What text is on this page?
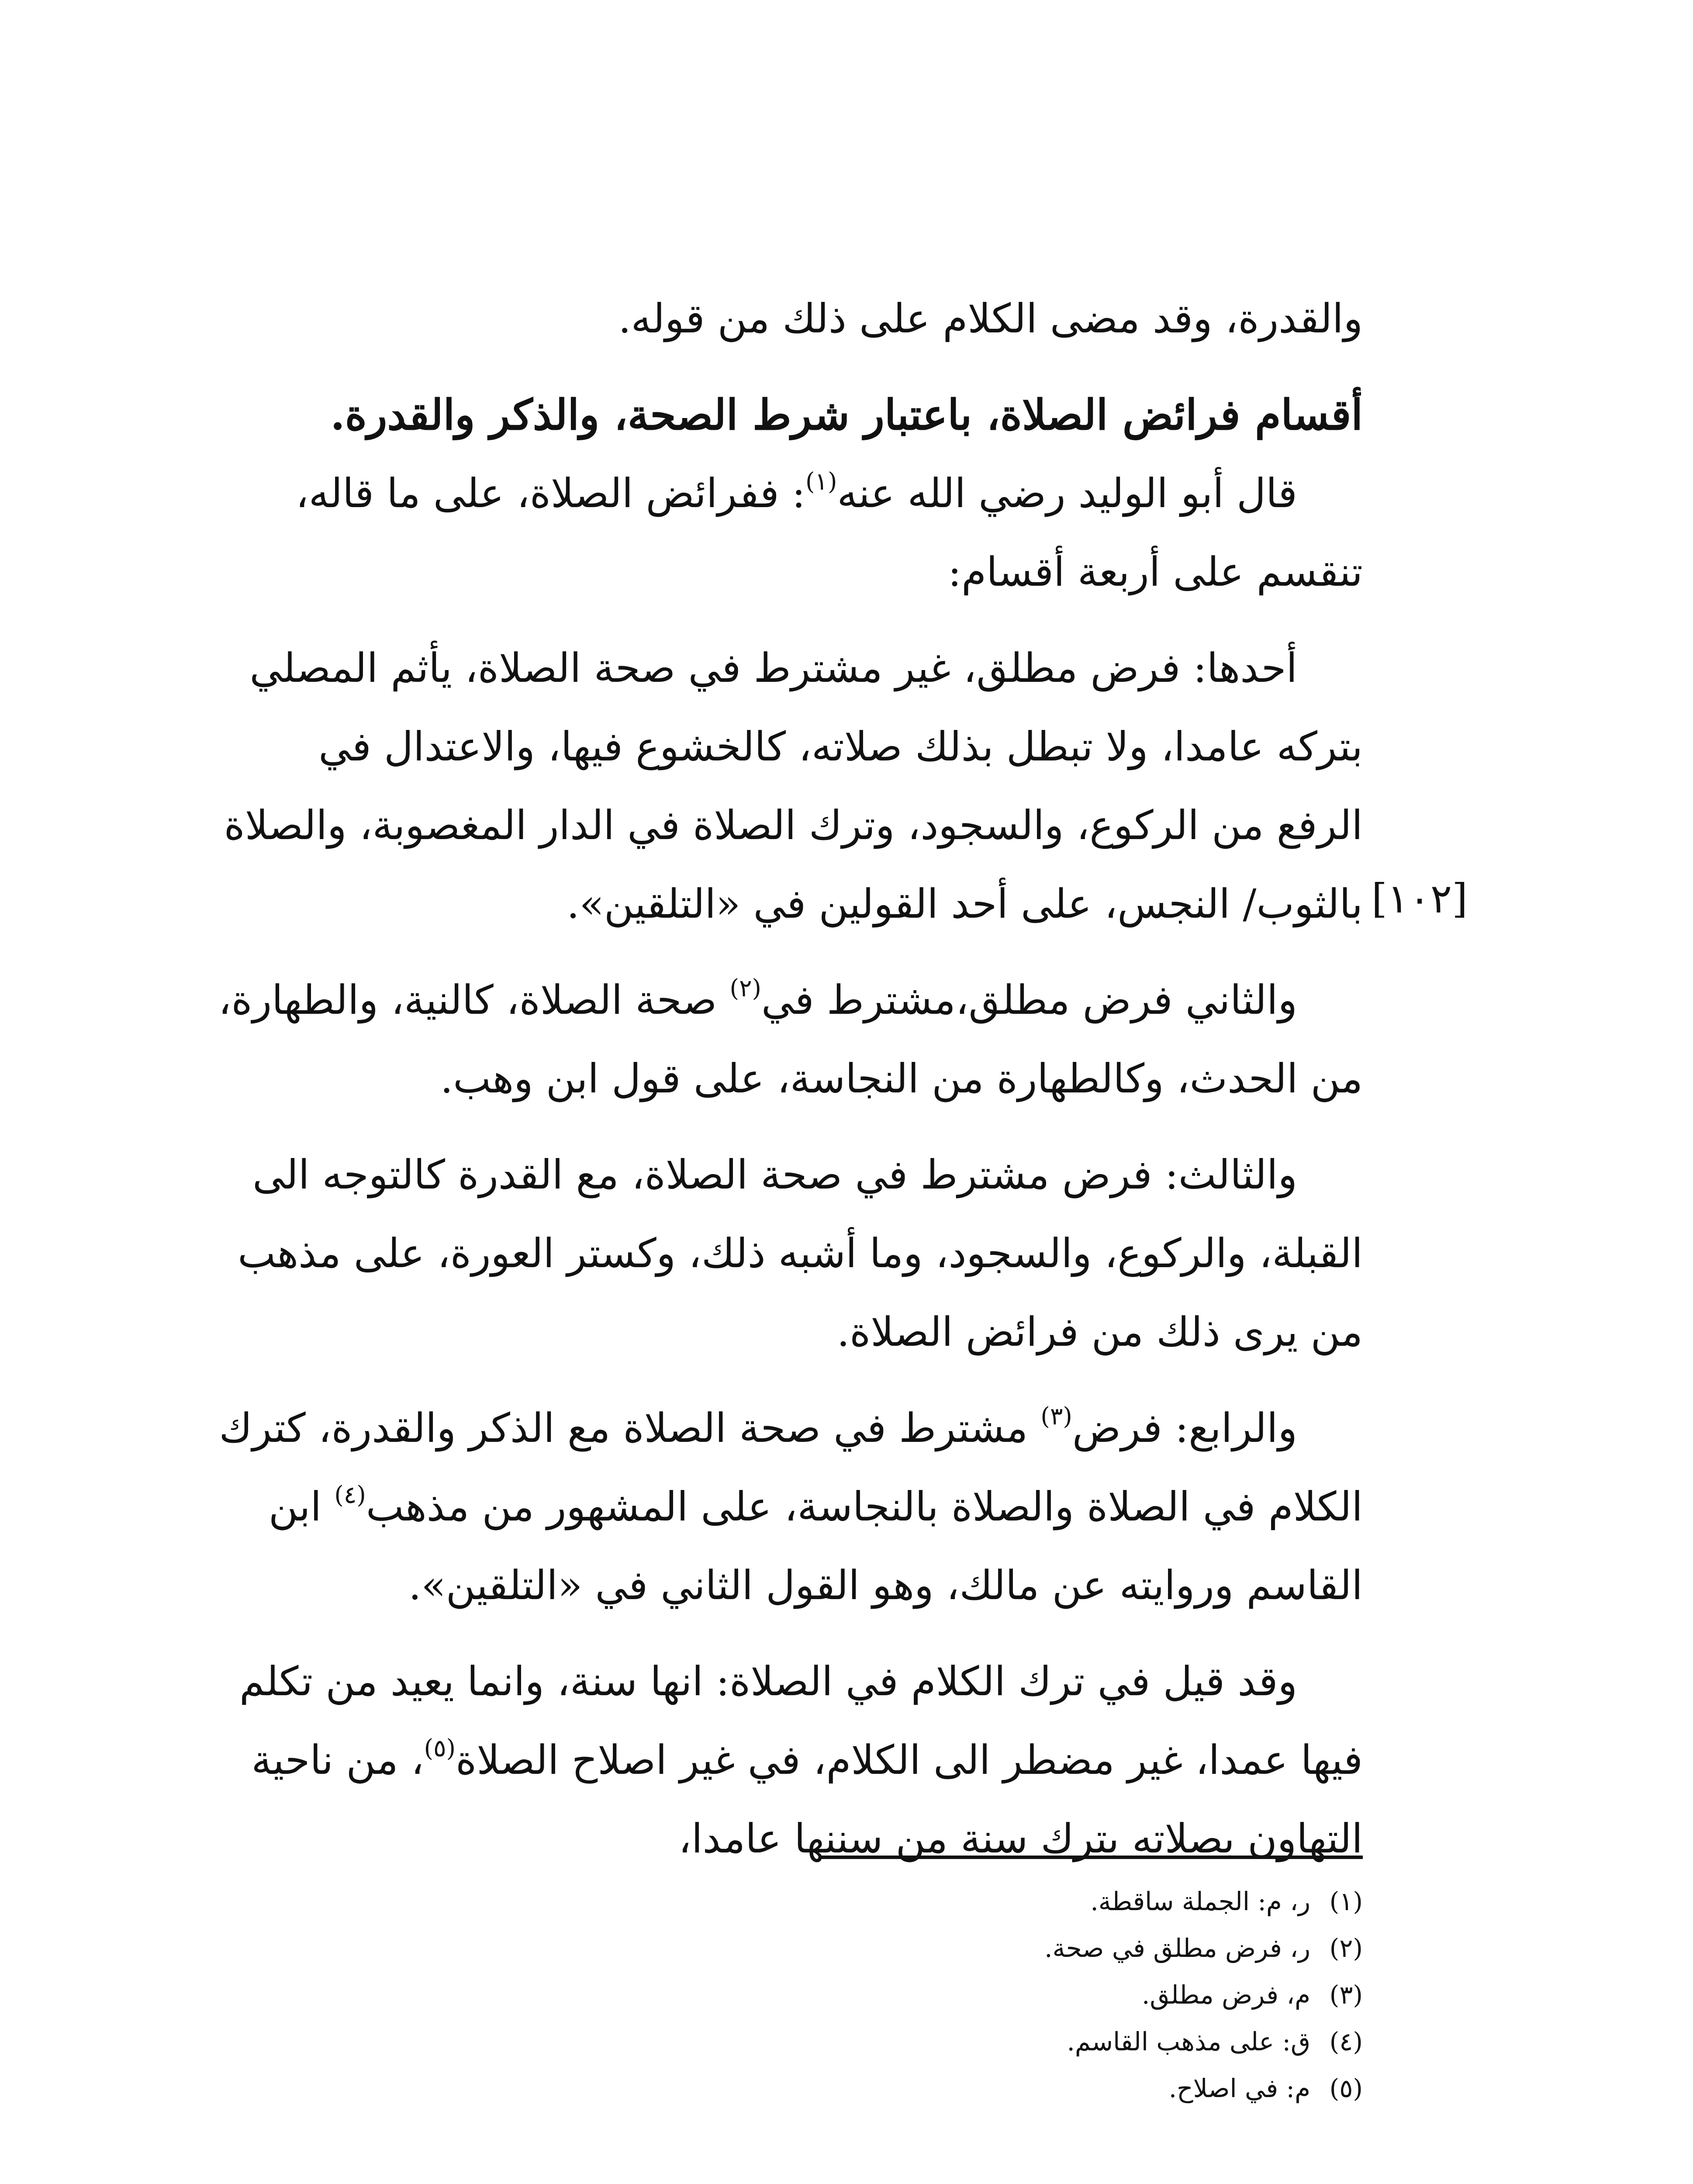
والقدرة، وقد مضى الكلام على ذلك من قوله.

أقسام فرائض الصلاة، باعتبار شرط الصحة، والذكر والقدرة.

قال أبو الوليد رضي الله عنه$^{(١)}$: ففرائض الصلاة، على ما قاله،

تنقسم على أربعة أقسام:

أحدها: فرض مطلق، غير مشترط في صحة الصلاة، يأثم المصلي

بتركه عامدا، ولا تبطل بذلك صلاته، كالخشوع فيها، والاعتدال في

الرفع من الركوع، والسجود، وترك الصلاة في الدار المغصوبة، والصلاة

بالثوب/ النجس، على أحد القولين في «التلقين».

والثاني فرض مطلق،مشترط في$^{(٢)}$ صحة الصلاة، كالنية، والطهارة،

من الحدث، وكالطهارة من النجاسة، على قول ابن وهب.

والثالث: فرض مشترط في صحة الصلاة، مع القدرة كالتوجه الى

القبلة، والركوع، والسجود، وما أشبه ذلك، وكستر العورة، على مذهب

من يرى ذلك من فرائض الصلاة.

والرابع: فرض$^{(٣)}$ مشترط في صحة الصلاة مع الذكر والقدرة، كترك

الكلام في الصلاة والصلاة بالنجاسة، على المشهور من مذهب$^{(٤)}$ ابن

القاسم وروايته عن مالك، وهو القول الثاني في «التلقين».

وقد قيل في ترك الكلام في الصلاة: انها سنة، وانما يعيد من تكلم

فيها عمدا، غير مضطر الى الكلام، في غير اصلاح الصلاة$^{(٥)}$، من ناحية

التهاون بصلاته بترك سنة من سننها عامدا،

[١٠٢]

(١)ر، م: الجملة ساقطة.

(٢)ر، فرض مطلق في صحة.

(٣)م، فرض مطلق.

(٤)ق: على مذهب القاسم.

(٥)م: في اصلاح.
